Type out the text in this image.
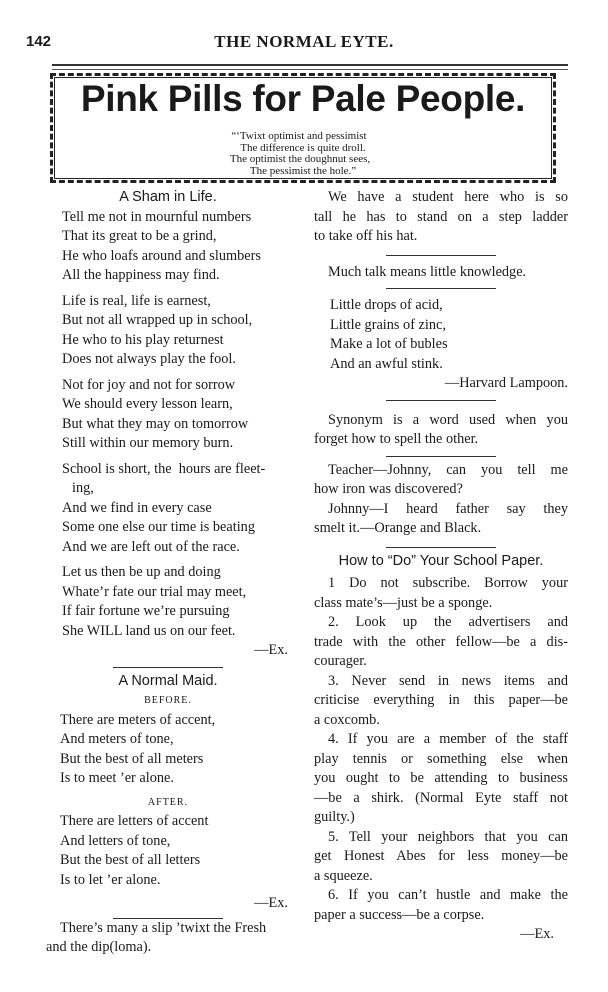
142	THE NORMAL EYTE.
Pink Pills for Pale People.
“‘Twixt optimist and pessimist
The difference is quite droll.
The optimist the doughnut sees,
The pessimist the hole.”
A Sham in Life.
Tell me not in mournful numbers
That its great to be a grind,
He who loafs around and slumbers
All the happiness may find.
Life is real, life is earnest,
But not all wrapped up in school,
He who to his play returnest
Does not always play the fool.
Not for joy and not for sorrow
We should every lesson learn,
But what they may on tomorrow
Still within our memory burn.
School is short, the  hours are fleet-
ing,
And we find in every case
Some one else our time is beating
And we are left out of the race.
Let us then be up and doing
Whate’r fate our trial may meet,
If fair fortune we’re pursuing
She WILL land us on our feet.
—Ex.
A Normal Maid.
BEFORE.
There are meters of accent,
And meters of tone,
But the best of all meters
Is to meet ’er alone.
AFTER.
There are letters of accent
And letters of tone,
But the best of all letters
Is to let ’er alone.
—Ex.
There’s many a slip ’twixt the Fresh
and the dip(loma).
We have a student here who is so
tall he has to stand on a step ladder
to take off his hat.
Much talk means little knowledge.
Little drops of acid,
Little grains of zinc,
Make a lot of bubles
And an awful stink.
—Harvard Lampoon.
Synonym is a word used when you
forget how to spell the other.
Teacher—Johnny, can you tell me
how iron was discovered?
Johnny—I heard father say they
smelt it.—Orange and Black.
How to “Do” Your School Paper.
1 Do not subscribe. Borrow your
class mate’s—just be a sponge.
2. Look up the advertisers and
trade with the other fellow—be a dis-
courager.
3. Never send in news items and
criticise everything in this paper—be
a coxcomb.
4. If you are a member of the staff
play tennis or something else when
you ought to be attending to business
—be a shirk. (Normal Eyte staff not
guilty.)
5. Tell your neighbors that you can
get Honest Abes for less money—be
a squeeze.
6. If you can’t hustle and make the
paper a success—be a corpse.
—Ex.
